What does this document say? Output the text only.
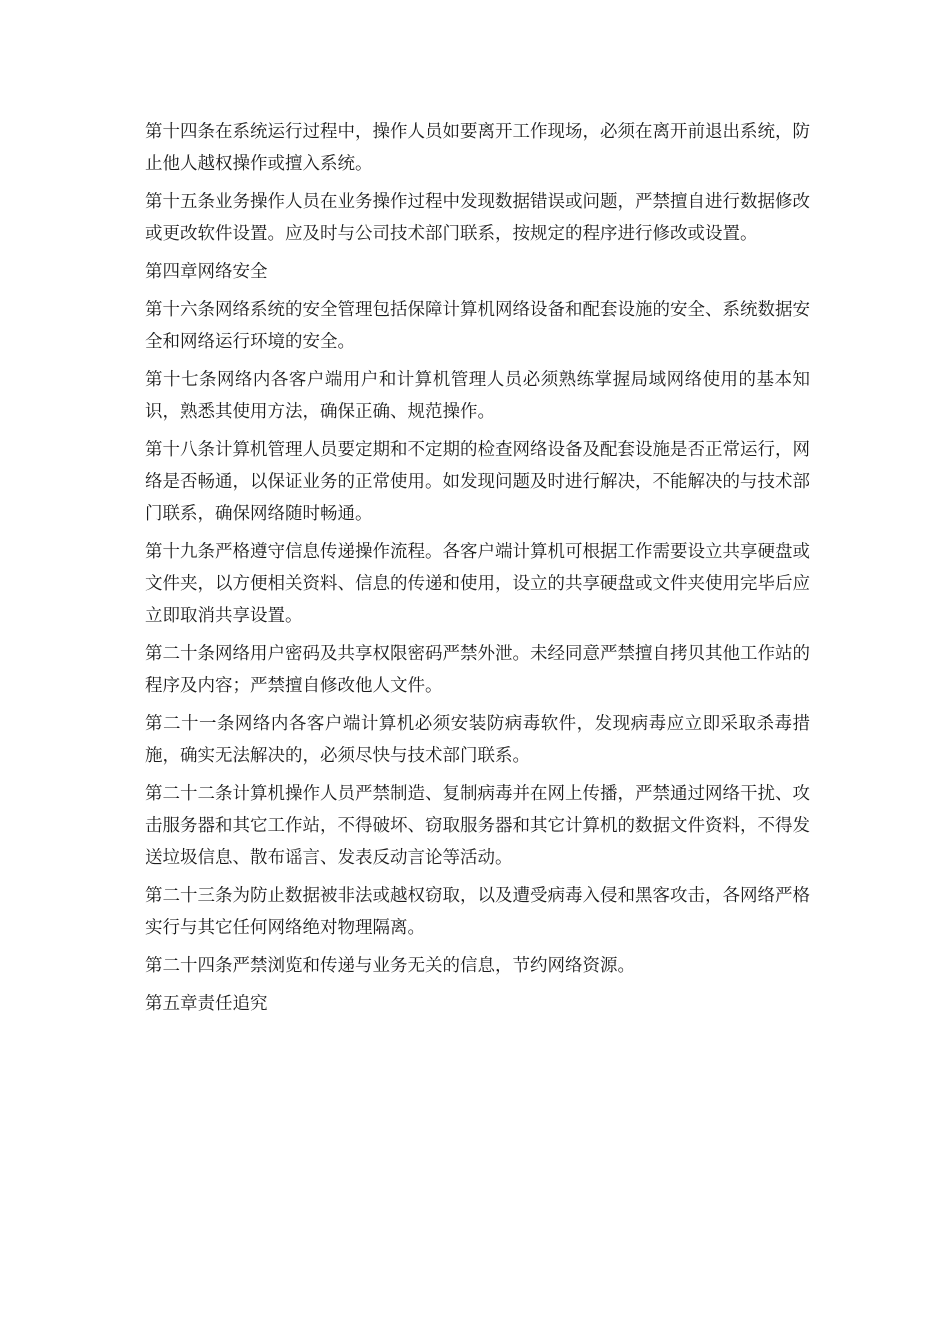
第十四条在系统运行过程中，操作人员如要离开工作现场，必须在离开前退出系统，防止他人越权操作或擅入系统。

第十五条业务操作人员在业务操作过程中发现数据错误或问题，严禁擅自进行数据修改或更改软件设置。应及时与公司技术部门联系，按规定的程序进行修改或设置。

第四章网络安全

第十六条网络系统的安全管理包括保障计算机网络设备和配套设施的安全、系统数据安全和网络运行环境的安全。

第十七条网络内各客户端用户和计算机管理人员必须熟练掌握局域网络使用的基本知识，熟悉其使用方法，确保正确、规范操作。

第十八条计算机管理人员要定期和不定期的检查网络设备及配套设施是否正常运行，网络是否畅通，以保证业务的正常使用。如发现问题及时进行解决，不能解决的与技术部门联系，确保网络随时畅通。

第十九条严格遵守信息传递操作流程。各客户端计算机可根据工作需要设立共享硬盘或文件夹，以方便相关资料、信息的传递和使用，设立的共享硬盘或文件夹使用完毕后应立即取消共享设置。

第二十条网络用户密码及共享权限密码严禁外泄。未经同意严禁擅自拷贝其他工作站的程序及内容；严禁擅自修改他人文件。

第二十一条网络内各客户端计算机必须安装防病毒软件，发现病毒应立即采取杀毒措施，确实无法解决的，必须尽快与技术部门联系。

第二十二条计算机操作人员严禁制造、复制病毒并在网上传播，严禁通过网络干扰、攻击服务器和其它工作站，不得破坏、窃取服务器和其它计算机的数据文件资料，不得发送垃圾信息、散布谣言、发表反动言论等活动。

第二十三条为防止数据被非法或越权窃取，以及遭受病毒入侵和黑客攻击，各网络严格实行与其它任何网络绝对物理隔离。

第二十四条严禁浏览和传递与业务无关的信息，节约网络资源。

第五章责任追究
